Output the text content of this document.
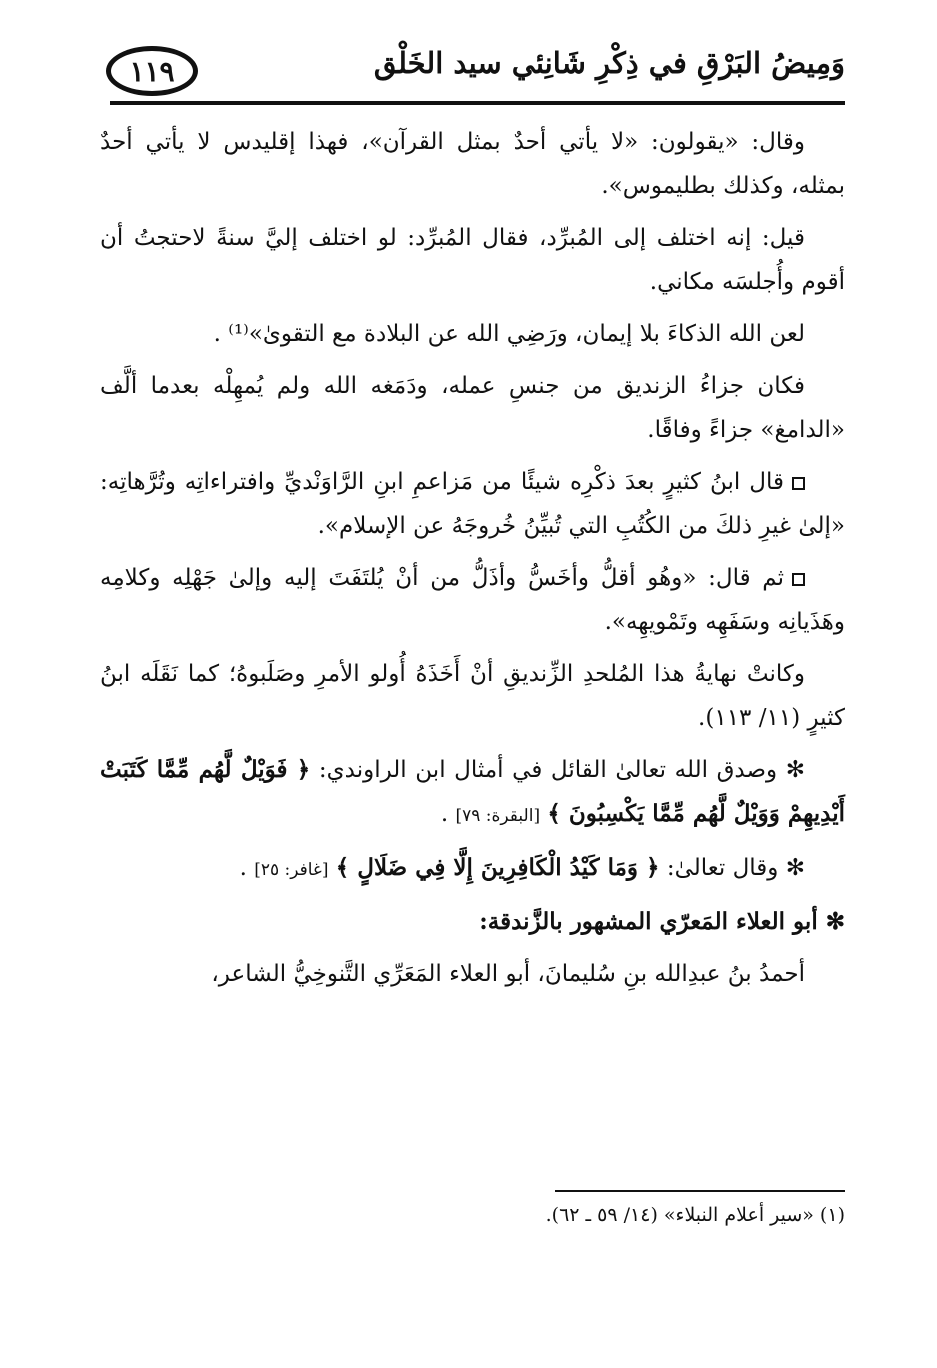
١١٩	وَمِيضُ البَرْقِ في ذِكْرِ شَانِئي سيد الخَلْق

وقال: «يقولون: «لا يأتي أحدٌ بمثل القرآن»، فهذا إقليدس لا يأتي أحدٌ بمثله، وكذلك بطليموس».

قيل: إنه اختلف إلى المُبرِّد، فقال المُبرِّد: لو اختلف إليَّ سنةً لاحتجتُ أن أقوم وأُجلسَه مكاني.

لعن الله الذكاءَ بلا إيمان، ورَضِي الله عن البلادة مع التقوىٰ»⁽¹⁾ .

فكان جزاءُ الزنديق من جنسِ عمله، ودَمَغه الله ولم يُمهِلْه بعدما ألَّف «الدامغ» جزاءً وفاقًا.

قال ابنُ كثيرٍ بعدَ ذكْرِه شيئًا من مَزاعمِ ابنِ الرَّاوَنْديِّ وافتراءاتِه وتُرَّهاتِه: «إلىٰ غيرِ ذلكَ من الكُتُبِ التي تُبيِّنُ خُروجَهُ عن الإسلام».

ثم قال: «وهُو أقلُّ وأخَسُّ وأذَلُّ من أنْ يُلتَفَتَ إليه وإلىٰ جَهْلِه وكلامِه وهَذَيانِه وسَفَهِه وتَمْويهِه».

وكانتْ نهايةُ هذا المُلحدِ الزِّنديقِ أنْ أَخَذَهُ أُولو الأمرِ وصَلَبوهُ؛ كما نَقَلَه ابنُ كثيرٍ (١١/ ١١٣).

✻ وصدق الله تعالىٰ القائل في أمثال ابن الراوندي: ﴿ فَوَيْلٌ لَّهُم مِّمَّا كَتَبَتْ أَيْدِيهِمْ وَوَيْلٌ لَّهُم مِّمَّا يَكْسِبُونَ ﴾ [البقرة: ٧٩] .

✻ وقال تعالىٰ: ﴿ وَمَا كَيْدُ الْكَافِرِينَ إِلَّا فِي ضَلَالٍ ﴾ [غافر: ٢٥] .

✻ أبو العلاء المَعرّي المشهور بالزَّندقة:

أحمدُ بنُ عبدِالله بنِ سُليمانَ، أبو العلاء المَعَرِّي التَّنوخِيُّ الشاعر،

(١) «سير أعلام النبلاء» (١٤/ ٥٩ ـ ٦٢).
